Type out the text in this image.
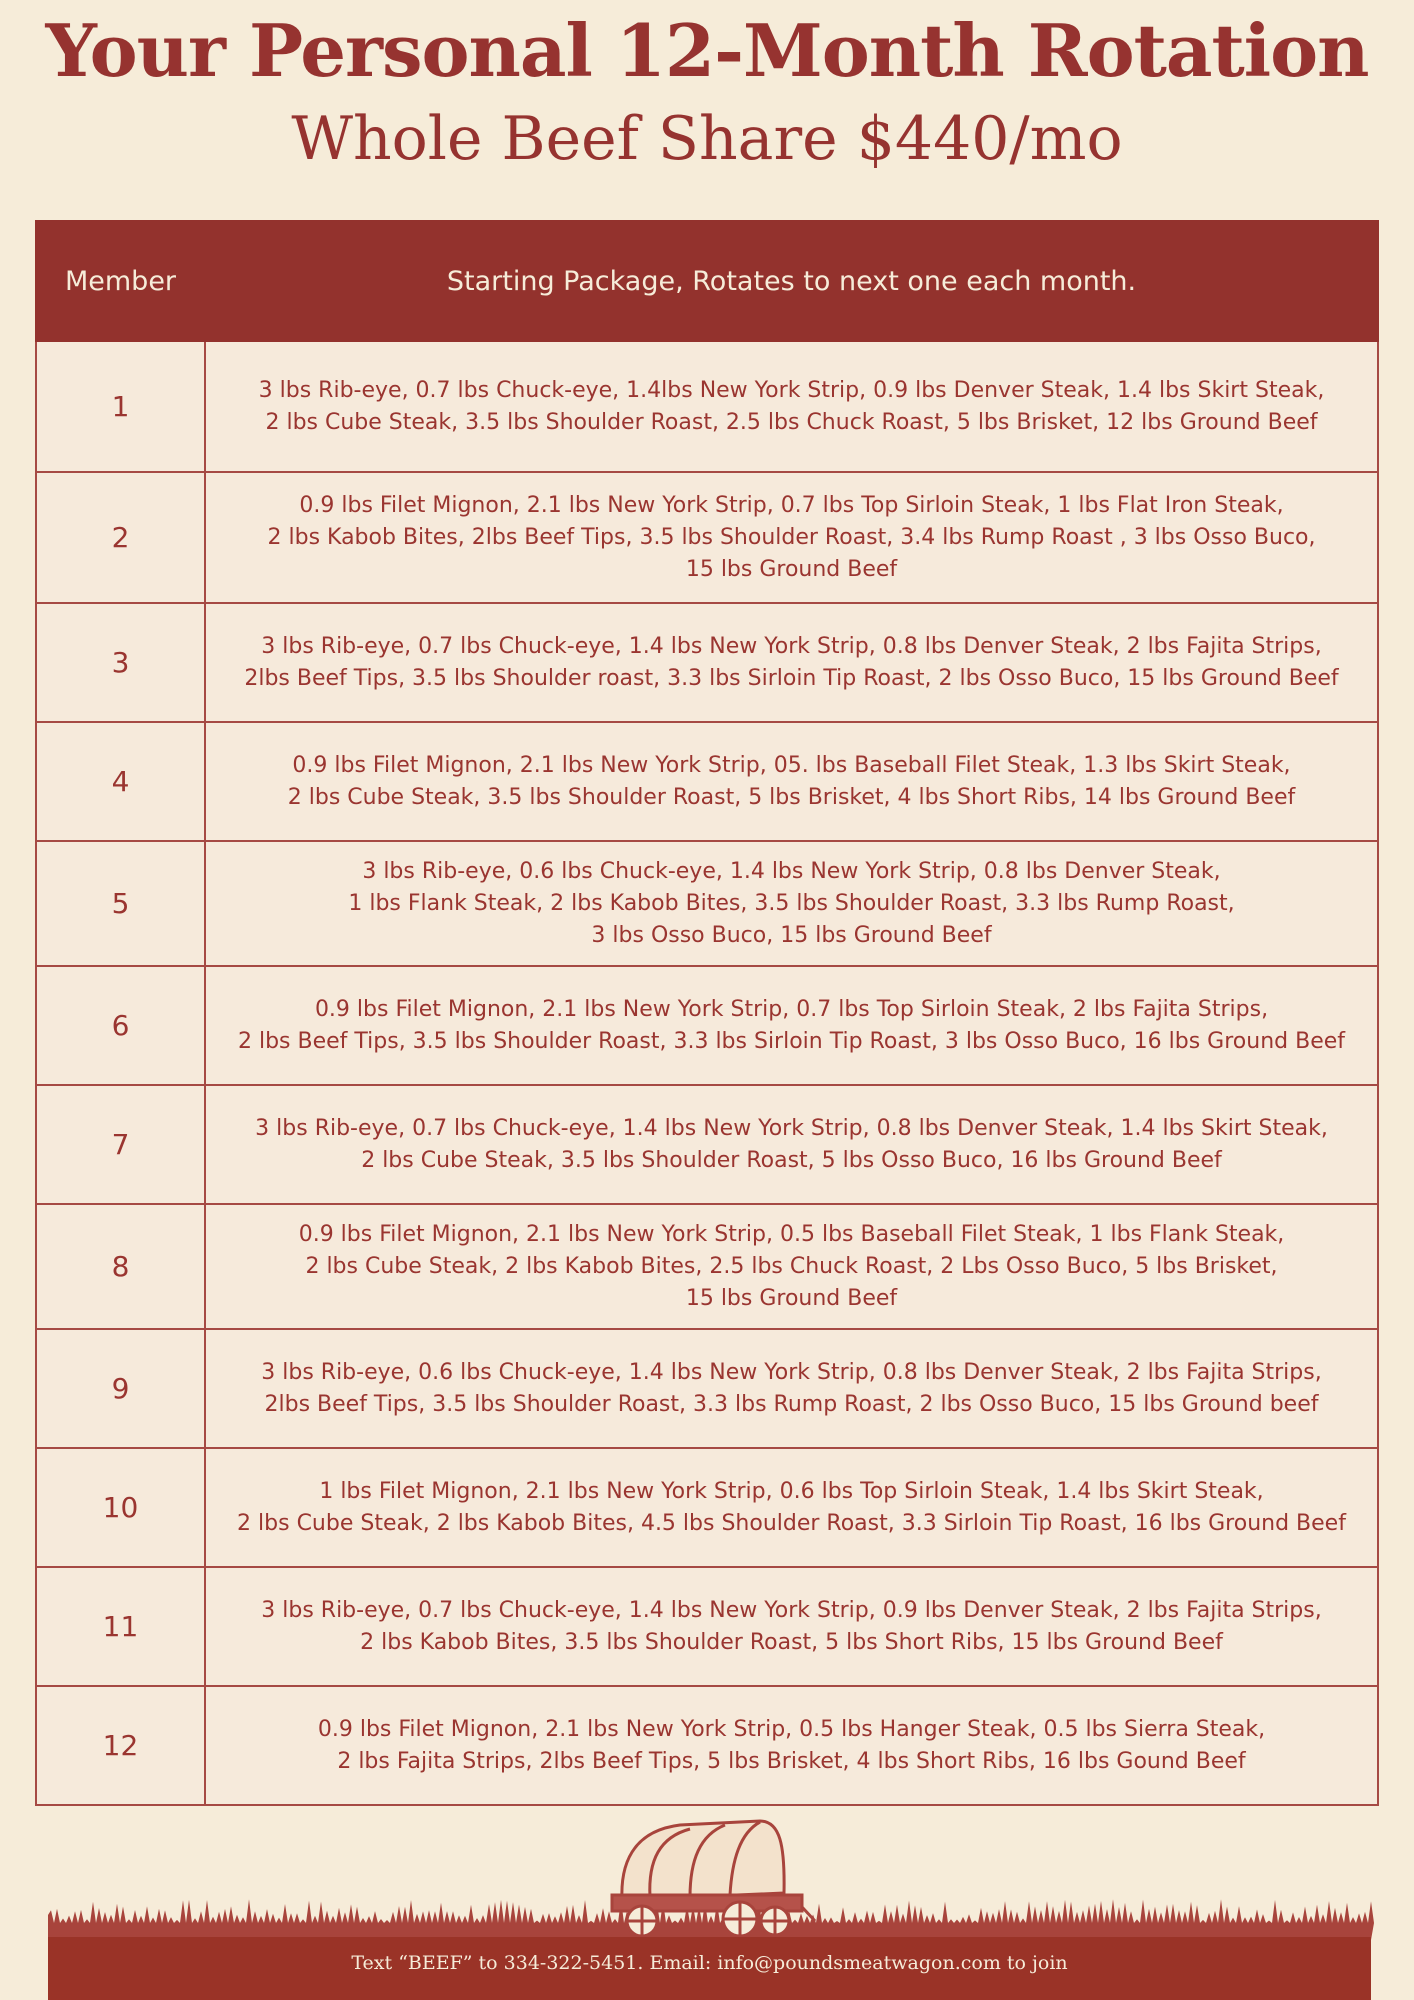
Your Personal 12-Month Rotation
Whole Beef Share $440/mo
Member	Starting Package, Rotates to next one each month.
1	3 lbs Rib-eye, 0.7 lbs Chuck-eye, 1.4lbs New York Strip, 0.9 lbs Denver Steak, 1.4 lbs Skirt Steak,
2 lbs Cube Steak, 3.5 lbs Shoulder Roast, 2.5 lbs Chuck Roast, 5 lbs Brisket, 12 lbs Ground Beef

2	0.9 lbs Filet Mignon, 2.1 lbs New York Strip, 0.7 lbs Top Sirloin Steak, 1 lbs Flat Iron Steak,
2 lbs Kabob Bites, 2lbs Beef Tips, 3.5 lbs Shoulder Roast, 3.4 lbs Rump Roast , 3 lbs Osso Buco,
15 lbs Ground Beef

3	3 lbs Rib-eye, 0.7 lbs Chuck-eye, 1.4 lbs New York Strip, 0.8 lbs Denver Steak, 2 lbs Fajita Strips,
2lbs Beef Tips, 3.5 lbs Shoulder roast, 3.3 lbs Sirloin Tip Roast, 2 lbs Osso Buco, 15 lbs Ground Beef

4	0.9 lbs Filet Mignon, 2.1 lbs New York Strip, 05. lbs Baseball Filet Steak, 1.3 lbs Skirt Steak,
2 lbs Cube Steak, 3.5 lbs Shoulder Roast, 5 lbs Brisket, 4 lbs Short Ribs, 14 lbs Ground Beef

5	3 lbs Rib-eye, 0.6 lbs Chuck-eye, 1.4 lbs New York Strip, 0.8 lbs Denver Steak,
1 lbs Flank Steak, 2 lbs Kabob Bites, 3.5 lbs Shoulder Roast, 3.3 lbs Rump Roast,
3 lbs Osso Buco, 15 lbs Ground Beef

6	0.9 lbs Filet Mignon, 2.1 lbs New York Strip, 0.7 lbs Top Sirloin Steak, 2 lbs Fajita Strips,
2 lbs Beef Tips, 3.5 lbs Shoulder Roast, 3.3 lbs Sirloin Tip Roast, 3 lbs Osso Buco, 16 lbs Ground Beef

7	3 lbs Rib-eye, 0.7 lbs Chuck-eye, 1.4 lbs New York Strip, 0.8 lbs Denver Steak, 1.4 lbs Skirt Steak,
2 lbs Cube Steak, 3.5 lbs Shoulder Roast, 5 lbs Osso Buco, 16 lbs Ground Beef

8	0.9 lbs Filet Mignon, 2.1 lbs New York Strip, 0.5 lbs Baseball Filet Steak, 1 lbs Flank Steak,
2 lbs Cube Steak, 2 lbs Kabob Bites, 2.5 lbs Chuck Roast, 2 Lbs Osso Buco, 5 lbs Brisket,
15 lbs Ground Beef

9	3 lbs Rib-eye, 0.6 lbs Chuck-eye, 1.4 lbs New York Strip, 0.8 lbs Denver Steak, 2 lbs Fajita Strips,
2lbs Beef Tips, 3.5 lbs Shoulder Roast, 3.3 lbs Rump Roast, 2 lbs Osso Buco, 15 lbs Ground beef

10	1 lbs Filet Mignon, 2.1 lbs New York Strip, 0.6 lbs Top Sirloin Steak, 1.4 lbs Skirt Steak,
2 lbs Cube Steak, 2 lbs Kabob Bites, 4.5 lbs Shoulder Roast, 3.3 Sirloin Tip Roast, 16 lbs Ground Beef

11	3 lbs Rib-eye, 0.7 lbs Chuck-eye, 1.4 lbs New York Strip, 0.9 lbs Denver Steak, 2 lbs Fajita Strips,
2 lbs Kabob Bites, 3.5 lbs Shoulder Roast, 5 lbs Short Ribs, 15 lbs Ground Beef

12	0.9 lbs Filet Mignon, 2.1 lbs New York Strip, 0.5 lbs Hanger Steak, 0.5 lbs Sierra Steak,
2 lbs Fajita Strips, 2lbs Beef Tips, 5 lbs Brisket, 4 lbs Short Ribs, 16 lbs Gound Beef
Text “BEEF” to 334-322-5451. Email: info@poundsmeatwagon.com to join
